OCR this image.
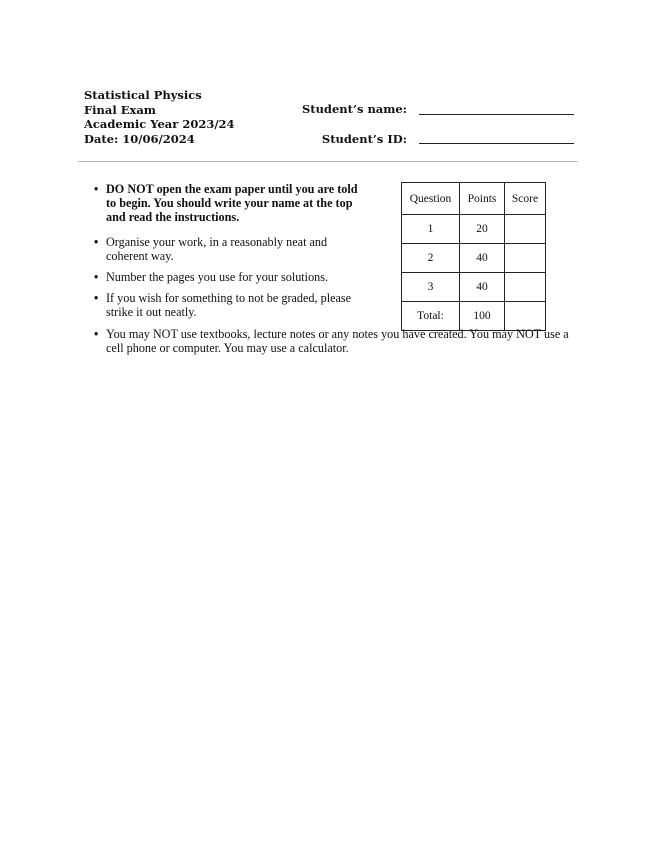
Statistical Physics
Final Exam
Academic Year 2023/24
Date: 10/06/2024
Student’s name:
Student’s ID:
• DO NOT open the exam paper until you are told to begin. You should write your name at the top and read the instructions.
• Organise your work, in a reasonably neat and coherent way.
• Number the pages you use for your solutions.
• If you wish for something to not be graded, please strike it out neatly.
• You may NOT use textbooks, lecture notes or any notes you have created. You may NOT use a cell phone or computer. You may use a calculator.
Question	Points	Score
1	20	
2	40	
3	40	
Total:	100	
